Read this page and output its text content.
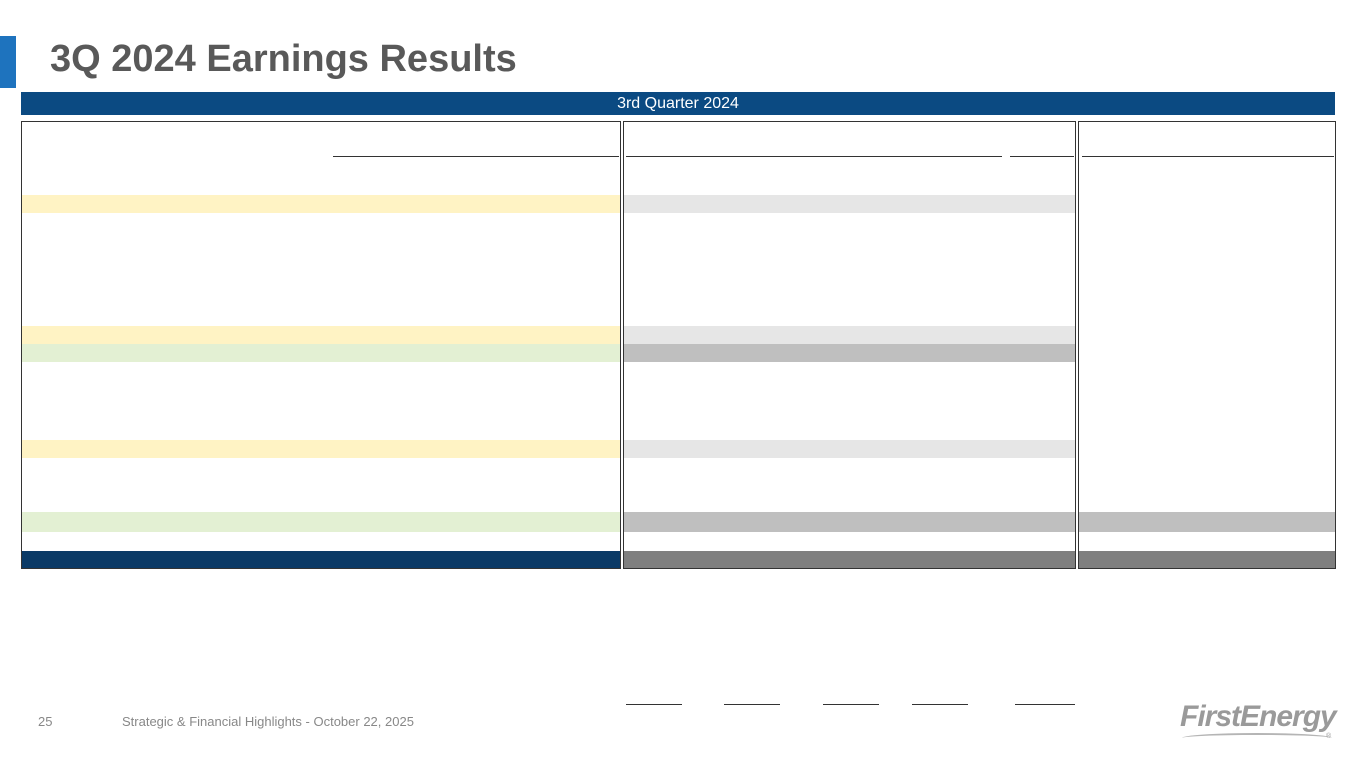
3Q 2024 Earnings Results
3rd Quarter 2024
25	Strategic & Financial Highlights - October 22, 2025	FirstEnergy
®
